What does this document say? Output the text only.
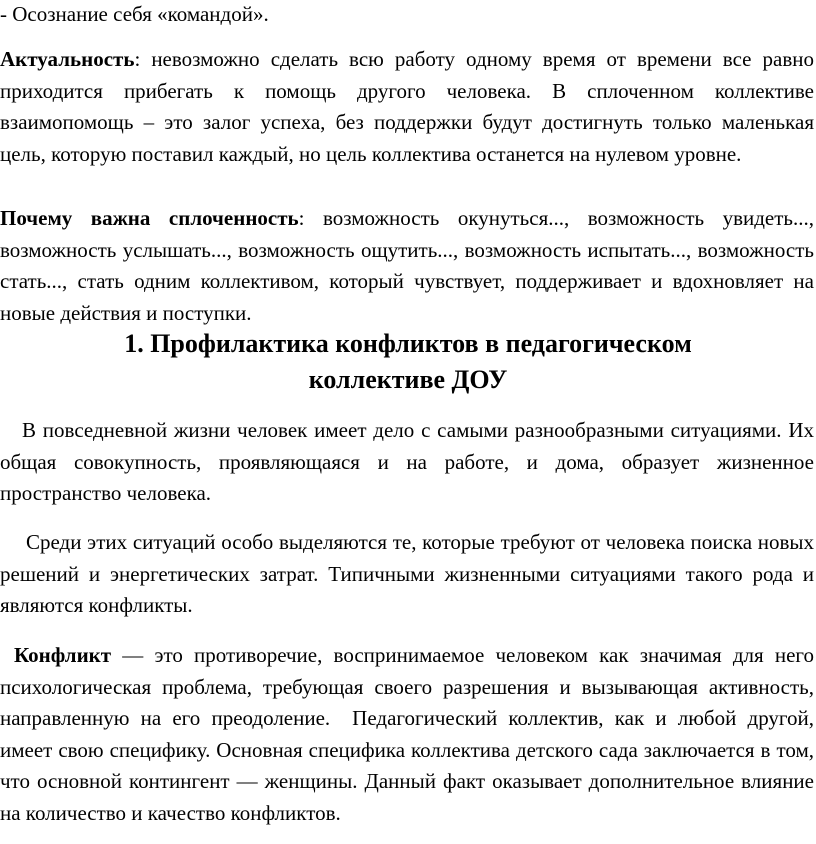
- Осознание себя «командой».

Актуальность: невозможно сделать всю работу одному время от времени все равно приходится прибегать к помощь другого человека. В сплоченном коллективе взаимопомощь – это залог успеха, без поддержки будут достигнуть только маленькая цель, которую поставил каждый, но цель коллектива останется на нулевом уровне.

Почему важна сплоченность: возможность окунуться..., возможность увидеть..., возможность услышать..., возможность ощутить..., возможность испытать..., возможность стать..., стать одним коллективом, который чувствует, поддерживает и вдохновляет на новые действия и поступки.

1. Профилактика конфликтов в педагогическом
коллективе ДОУ

В повседневной жизни человек имеет дело с самыми разнообразными ситуациями. Их общая совокупность, проявляющаяся и на работе, и дома, образует жизненное пространство человека.

Среди этих ситуаций особо выделяются те, которые требуют от человека поиска новых решений и энергетических затрат. Типичными жизненными ситуациями такого рода и являются конфликты.

Конфликт — это противоречие, воспринимаемое человеком как значимая для него психологическая проблема, требующая своего разрешения и вызывающая активность, направленную на его преодоление. Педагогический коллектив, как и любой другой, имеет свою специфику. Основная специфика коллектива детского сада заключается в том, что основной контингент — женщины. Данный факт оказывает дополнительное влияние на количество и качество конфликтов.
